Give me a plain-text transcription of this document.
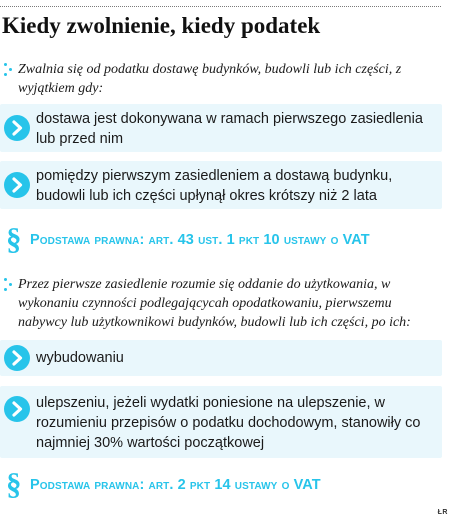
Kiedy zwolnienie, kiedy podatek
Zwalnia się od podatku dostawę budynków, budowli lub ich części, z wyjątkiem gdy:
dostawa jest dokonywana w ramach pierwszego zasiedlenia lub przed nim
pomiędzy pierwszym zasiedleniem a dostawą budynku, budowli lub ich części upłynął okres krótszy niż 2 lata
§ Podstawa prawna: art. 43 ust. 1 pkt 10 ustawy o VAT
Przez pierwsze zasiedlenie rozumie się oddanie do użytkowania, w wykonaniu czynności podlegającycah opodatkowaniu, pierwszemu nabywcy lub użytkownikowi budynków, budowli lub ich części, po ich:
wybudowaniu
ulepszeniu, jeżeli wydatki poniesione na ulepszenie, w rozumieniu przepisów o podatku dochodowym, stanowiły co najmniej 30% wartości początkowej
§ Podstawa prawna: art. 2 pkt 14 ustawy o VAT
ŁR
